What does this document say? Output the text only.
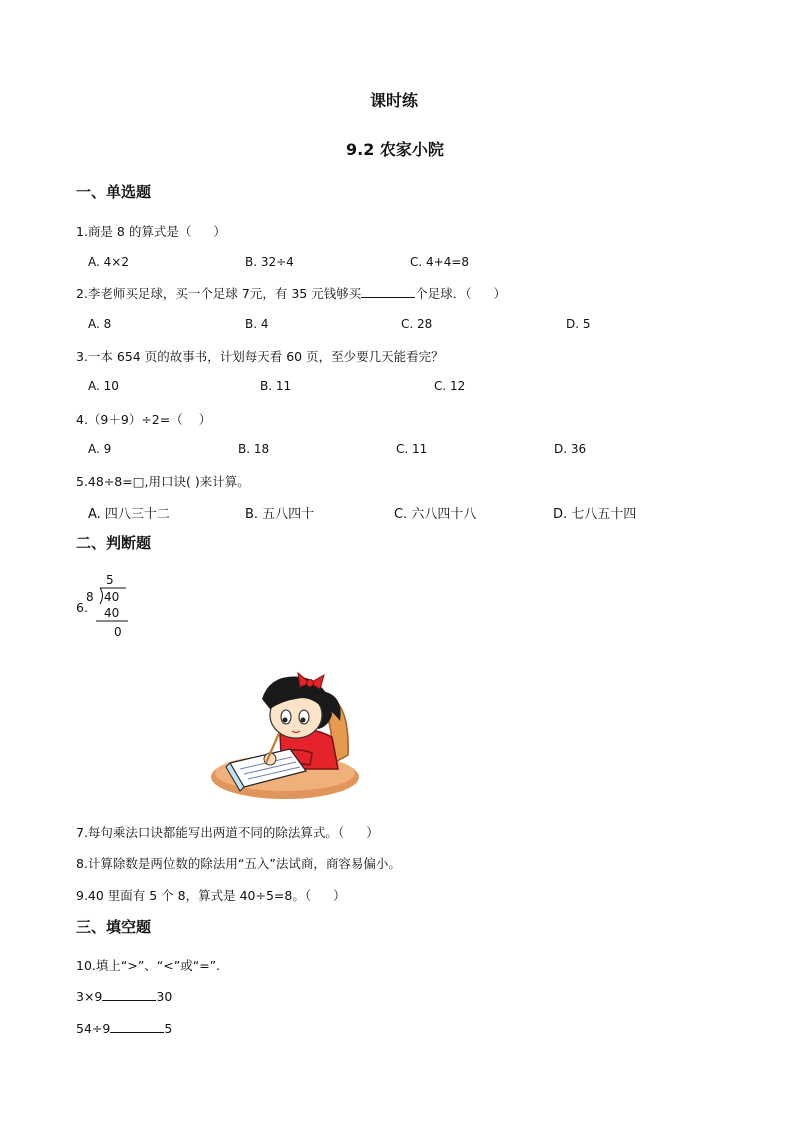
课时练
9.2 农家小院
一、单选题
1.商是 8 的算式是（ ）
A. 4×2	B. 32÷4	C. 4+4=8
2.李老师买足球，买一个足球 7元，有 35 元钱够买	个足球．（ ）
A. 8	B. 4	C. 28	D. 5
3.一本 654 页的故事书，计划每天看 60 页，至少要几天能看完？
A. 10	B. 11	C. 12
4.（9＋9）÷2=（ ）
A. 9	B. 18	C. 11	D. 36
5.48÷8=□,用口诀( )来计算。
A. 四八三十二	B. 五八四十	C. 六八四十八	D. 七八五十四
二、判断题
6.
5
8 40
40
0
7.每句乘法口诀都能写出两道不同的除法算式。（ ）
8.计算除数是两位数的除法用“五入”法试商，商容易偏小。
9.40 里面有 5 个 8，算式是 40÷5=8。（ ）
三、填空题
10.填上“>”、“<”或“=”.
3×9	30
54÷9	5
